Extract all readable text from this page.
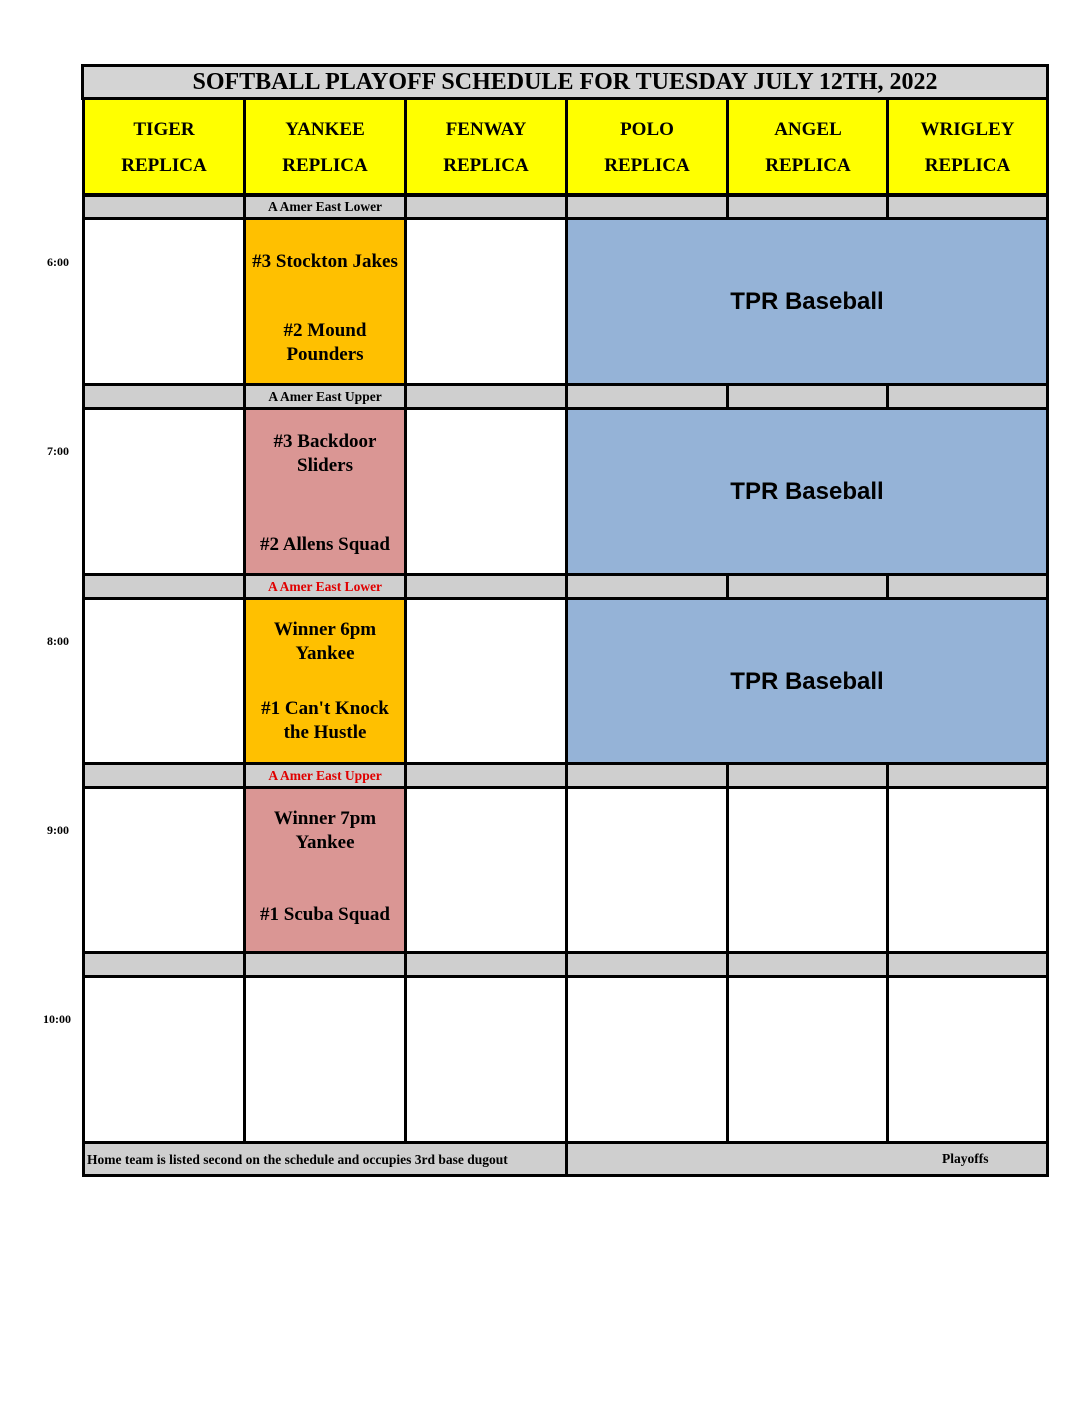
SOFTBALL PLAYOFF SCHEDULE FOR TUESDAY JULY 12TH, 2022
TIGER
REPLICA
YANKEE
REPLICA
FENWAY
REPLICA
POLO
REPLICA
ANGEL
REPLICA
WRIGLEY
REPLICA
6:00
7:00
8:00
9:00
10:00
A Amer East Lower
#3 Stockton Jakes
#2 Mound Pounders
TPR Baseball
A Amer East Upper
#3 Backdoor Sliders
#2 Allens Squad
TPR Baseball
A Amer East Lower
Winner 6pm Yankee
#1 Can't Knock the Hustle
TPR Baseball
A Amer East Upper
Winner 7pm Yankee
#1 Scuba Squad
Home team is listed second on the schedule and occupies 3rd base dugout	Playoffs
